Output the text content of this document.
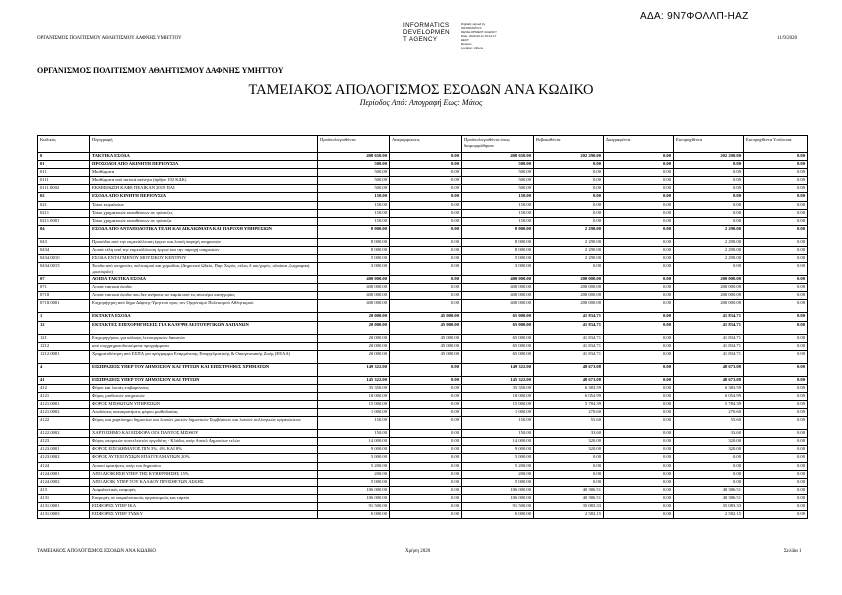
ΑΔΑ: 9Ν7ΦΟΛΛΠ-ΗΑΖ
ΟΡΓΑΝΙΣΜΟΣ ΠΟΛΙΤΙΣΜΟΥ ΑΘΛΗΤΙΣΜΟΥ ΔΑΦΝΗΣ ΥΜΗΤΤΟΥ	11/9/2020
INFORMATICS
DEVELOPMEN
T AGENCY
Digitally signed by
INFORMATICS
DEVELOPMENT AGENCY
Date: 2020.09.11 15:12:17
EEST
Reason:
Location: Athens
ΟΡΓΑΝΙΣΜΟΣ ΠΟΛΙΤΙΣΜΟΥ ΑΘΛΗΤΙΣΜΟΥ ΔΑΦΝΗΣ ΥΜΗΤΤΟΥ
ΤΑΜΕΙΑΚΟΣ ΑΠΟΛΟΓΙΣΜΟΣ ΕΣΟΔΩΝ ΑΝΑ ΚΩΔΙΚΟ
Περίοδος Από: Απογραφή Εως: Μάιος
Κωδικός	Περιγραφή	Προϋπολογισθέντα	Αναμορφώσεις	Προϋπολογισθέντα όπως διαμορφώθηκαν	Βεβαιωθέντα	Διαγραφέντα	Εισπραχθέντα	Εισπραχθέντα Υπόλοιπα
0	ΤΑΚΤΙΚΑ ΕΣΟΔΑ	408 650.00	0.00	408 650.00	202 290.00	0.00	202 290.00	0.00
01	ΠΡΟΣΟΔΟΙ ΑΠΟ ΑΚΙΝΗΤΗ ΠΕΡΙΟΥΣΙΑ	500.00	0.00	500.00	0.00	0.00	0.00	0.00
011	Μισθώματα	500.00	0.00	500.00	0.00	0.00	0.00	0.00
0111	Μισθώματα από αστικά ακίνητα (άρθρο 192 ΚΔΚ)	500.00	0.00	500.00	0.00	0.00	0.00	0.00
0111.0002	ΕΚΜΙΣΘΩΣΗ ΚΑΦΕ ΠΕΛΙΚΑΝ 2019 ΠΑΙ	500.00	0.00	500.00	0.00	0.00	0.00	0.00
02	ΕΣΟΔΑ ΑΠΟ ΚΙΝΗΤΗ ΠΕΡΙΟΥΣΙΑ	150.00	0.00	150.00	0.00	0.00	0.00	0.00
021	Τόκοι κεφαλαίων	150.00	0.00	150.00	0.00	0.00	0.00	0.00
0211	Τόκοι χρηματικών καταθέσεων σε τράπεζες	150.00	0.00	150.00	0.00	0.00	0.00	0.00
0211.0001	Τόκοι χρηματικών καταθέσεων σε τράπεζα	150.00	0.00	150.00	0.00	0.00	0.00	0.00
04	ΕΣΟΔΑ ΑΠΟ ΑΝΤΑΠΟΔΟΤΙΚΑ ΤΕΛΗ ΚΑΙ ΔΙΚΑΙΩΜΑΤΑ ΚΑΙ ΠΑΡΟΧΗ ΥΠΗΡΕΣΙΩΝ	8 000.00	0.00	8 000.00	2 290.00	0.00	2 290.00	0.00
043	Προσόδοι από την εκμετάλλευση έργων και λοιπή παροχή υπηρεσιών	8 000.00	0.00	8 000.00	2 290.00	0.00	2 290.00	0.00
0434	Λοιπά τέλη από την εκμετάλλευση έργων και την παροχή υπηρεσιών	8 000.00	0.00	8 000.00	2 290.00	0.00	2 290.00	0.00
0434.0010	ΕΣΟΔΑ ΕΝΤΑΓΜΕΝΟΥ ΜΟΥΣΙΚΟΥ ΚΕΝΤΡΟΥ	5 000.00	0.00	5 000.00	2 290.00	0.00	2 290.00	0.00
0434.0015	Έσοδα από υπηρεσίες πολιτισμού και χορωδίας (Δημοτικό Ωδείο, Παρ Χορός ,τέλος δ ιοκ/χορός ,πλαίσια ,ζωγραφική ,φωτόφιλο)	3 000.00	0.00	3 000.00	0.00	0.00	0.00	0.00
07	ΛΟΙΠΑ ΤΑΚΤΙΚΑ ΕΣΟΔΑ	400 000.00	0.00	400 000.00	200 000.00	0.00	200 000.00	0.00
071	Λοιπά τακτικά έσοδα	400 000.00	0.00	400 000.00	200 000.00	0.00	200 000.00	0.00
0718	Λοιπά τακτικά έσοδα που δεν ανήκουν σε καμία από τις ανωτέρω κατηγορίες	400 000.00	0.00	400 000.00	200 000.00	0.00	200 000.00	0.00
0718.0001	Επιχορήγηση από δήμο Δάφνης-Υμηττού προς τον Οργανισμό Πολιτισμού Αθλητισμού	400 000.00	0.00	400 000.00	200 000.00	0.00	200 000.00	0.00
1	ΕΚΤΑΚΤΑ ΕΣΟΔΑ	20 000.00	45 000.00	65 000.00	41 834.71	0.00	41 834.71	0.00
12	ΕΚΤΑΚΤΕΣ ΕΠΙΧΟΡΗΓΗΣΕΙΣ ΓΙΑ ΚΑΛΥΨΗ ΛΕΙΤΟΥΡΓΙΚΩΝ ΔΑΠΑΝΩΝ	20 000.00	45 000.00	65 000.00	41 834.71	0.00	41 834.71	0.00
121	Επιχορηγήσεις για κάλυψη λειτουργικών δαπανών	20 000.00	45 000.00	65 000.00	41 834.71	0.00	41 834.71	0.00
1212	από συγχρηματοδοτούμενα προγράμματα	20 000.00	45 000.00	65 000.00	41 834.71	0.00	41 834.71	0.00
1212.0001	Χρηματοδότηση από ΕΣΠΑ για πρόγραμμα Εναρμόνισης Επαγγελματικής & Οικογενειακής Ζωής (ΕΕΑΑ)	20 000.00	45 000.00	65 000.00	41 834.71	0.00	41 834.71	0.00
4	ΕΙΣΠΡΑΞΕΙΣ ΥΠΕΡ ΤΟΥ ΔΗΜΟΣΙΟΥ ΚΑΙ ΤΡΙΤΩΝ ΚΑΙ ΕΠΙΣΤΡΟΦΕΣ ΧΡΗΜΑΤΩΝ	149 322.00	0.00	149 322.00	48 673.08	0.00	48 673.08	0.00
41	ΕΙΣΠΡΑΞΕΙΣ ΥΠΕΡ ΤΟΥ ΔΗΜΟΣΙΟΥ ΚΑΙ ΤΡΙΤΩΝ	145 322.00	0.00	145 322.00	48 673.08	0.00	48 673.08	0.00
412	Φόροι και λοιπές επιβαρύνσεις	35 350.00	0.00	35 350.00	6 383.59	0.00	6 383.59	0.00
4121	Φόρος μισθωτών υπηρεσιών	18 000.00	0.00	18 000.00	6 054.99	0.00	6 054.99	0.00
4121.0001	ΦΟΡΟΣ ΜΙΣΘΩΤΩΝ ΥΠΗΡΕΣΙΩΝ	15 000.00	0.00	15 000.00	5 784.39	0.00	5 784.39	0.00
4121.0002	Αποδόσεις κατακρατήσεις φόρου μισθοδοσίας	1 000.00	0.00	1 000.00	270.60	0.00	270.60	0.00
4122	Φόρος και χαρτόσημο δημοσίων και λοιπών μικτών δημοτικών Συμβάσεων και λοιπών συλλογικών οργανώσεων	150.00	0.00	150.00	55.60	0.00	55.60	0.00
4122.0002	ΧΑΡΤΟΣΗΜΟ ΚΑΙ ΕΙΣΦΟΡΑ ΟΓΑ ΠΑΝΤΟΣ ΜΙΣΘΟΥ	150.00	0.00	150.00	33.60	0.00	33.60	0.00
4123	Φόρος ατομικών συντελεστών εργοδότη - Κλάδος υπέρ Αποκλ Δημοσίων τελών	14 000.00	0.00	14 000.00	320.00	0.00	320.00	0.00
4123.0001	ΦΟΡΟΣ ΕΙΣΟΔΗΜΑΤΟΣ ΠΙΝ 3%, 4% ΚΑΙ 8%	9 000.00	0.00	9 000.00	320.00	0.00	320.00	0.00
4123.0002	ΦΟΡΟΣ ΑΥΤΕΞΟΥΣΙΩΝ ΕΠΑΓΓΕΛΜΑΤΙΩΝ 20%	5 000.00	0.00	5 000.00	0.00	0.00	0.00	0.00
4124	Λοιποί κρατήσεις υπέρ του δημοσίου	5 200.00	0.00	5 200.00	0.00	0.00	0.00	0.00
4124.0001	ΑΠΟ ΔΙΟΙΚΗΣΗ ΥΠΕΡ ΤΗΣ ΚΥΒΕΡΝΗΣΗΣ 15%	200.00	0.00	200.00	0.00	0.00	0.00	0.00
4124.0002	ΑΠΟ ΔΙΟΙΚ ΥΠΕΡ ΤΟΥ ΚΛΑΔΟΥ ΠΡΟΣΘΕΤΩΝ ΑΣΚΗΣ	5 000.00	0.00	5 000.00	0.00	0.00	0.00	0.00
413	Ασφαλιστικές εισφορές	106 000.00	0.00	106 000.00	40 386.51	0.00	40 386.51	0.00
4131	Εισφορές σε ασφαλιστικούς οργανισμούς και ταμεία	106 000.00	0.00	106 000.00	40 386.51	0.00	40 386.51	0.00
4131.0001	ΕΙΣΦΟΡΕΣ ΥΠΕΡ ΙΚΑ	91 500.00	0.00	91 500.00	35 083.33	0.00	35 083.33	0.00
4131.0003	ΕΙΣΦΟΡΕΣ ΥΠΕΡ ΤΥΔΚΥ	6 000.00	0.00	6 000.00	2 582.15	0.00	2 582.15	0.00
ΤΑΜΕΙΑΚΟΣ ΑΠΟΛΟΓΙΣΜΟΣ ΕΣΟΔΩΝ ΑΝΑ ΚΩΔΙΚΟ	Χρήση 2020	Σελίδα 1
